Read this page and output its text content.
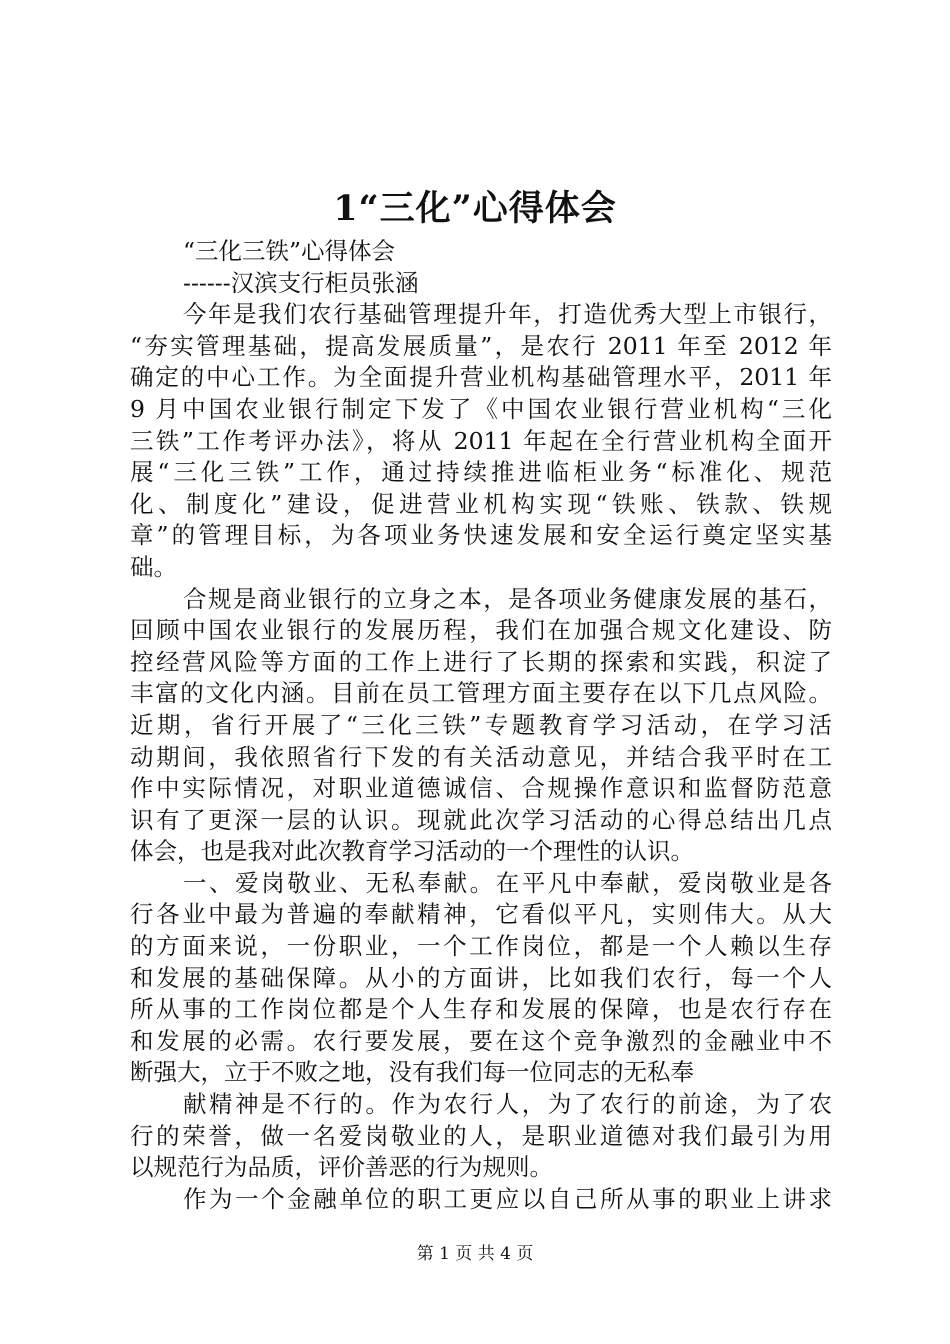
1“三化”心得体会
“三化三铁”心得体会
------汉滨支行柜员张涵
今年是我们农行基础管理提升年，打造优秀大型上市银行，
“夯实管理基础，提高发展质量”，是农行 2011 年至 2012 年
确定的中心工作。为全面提升营业机构基础管理水平，2011 年
9 月中国农业银行制定下发了《中国农业银行营业机构“三化
三铁”工作考评办法》，将从 2011 年起在全行营业机构全面开
展“三化三铁”工作，通过持续推进临柜业务“标准化、规范
化、制度化”建设，促进营业机构实现“铁账、铁款、铁规
章”的管理目标，为各项业务快速发展和安全运行奠定坚实基
础。
合规是商业银行的立身之本，是各项业务健康发展的基石，
回顾中国农业银行的发展历程，我们在加强合规文化建设、防
控经营风险等方面的工作上进行了长期的探索和实践，积淀了
丰富的文化内涵。目前在员工管理方面主要存在以下几点风险。
近期，省行开展了“三化三铁”专题教育学习活动，在学习活
动期间，我依照省行下发的有关活动意见，并结合我平时在工
作中实际情况，对职业道德诚信、合规操作意识和监督防范意
识有了更深一层的认识。现就此次学习活动的心得总结出几点
体会，也是我对此次教育学习活动的一个理性的认识。
一、爱岗敬业、无私奉献。在平凡中奉献，爱岗敬业是各
行各业中最为普遍的奉献精神，它看似平凡，实则伟大。从大
的方面来说，一份职业，一个工作岗位，都是一个人赖以生存
和发展的基础保障。从小的方面讲，比如我们农行，每一个人
所从事的工作岗位都是个人生存和发展的保障，也是农行存在
和发展的必需。农行要发展，要在这个竞争激烈的金融业中不
断强大，立于不败之地，没有我们每一位同志的无私奉
献精神是不行的。作为农行人，为了农行的前途，为了农
行的荣誉，做一名爱岗敬业的人，是职业道德对我们最引为用
以规范行为品质，评价善恶的行为规则。
作为一个金融单位的职工更应以自己所从事的职业上讲求
第 1 页 共 4 页
